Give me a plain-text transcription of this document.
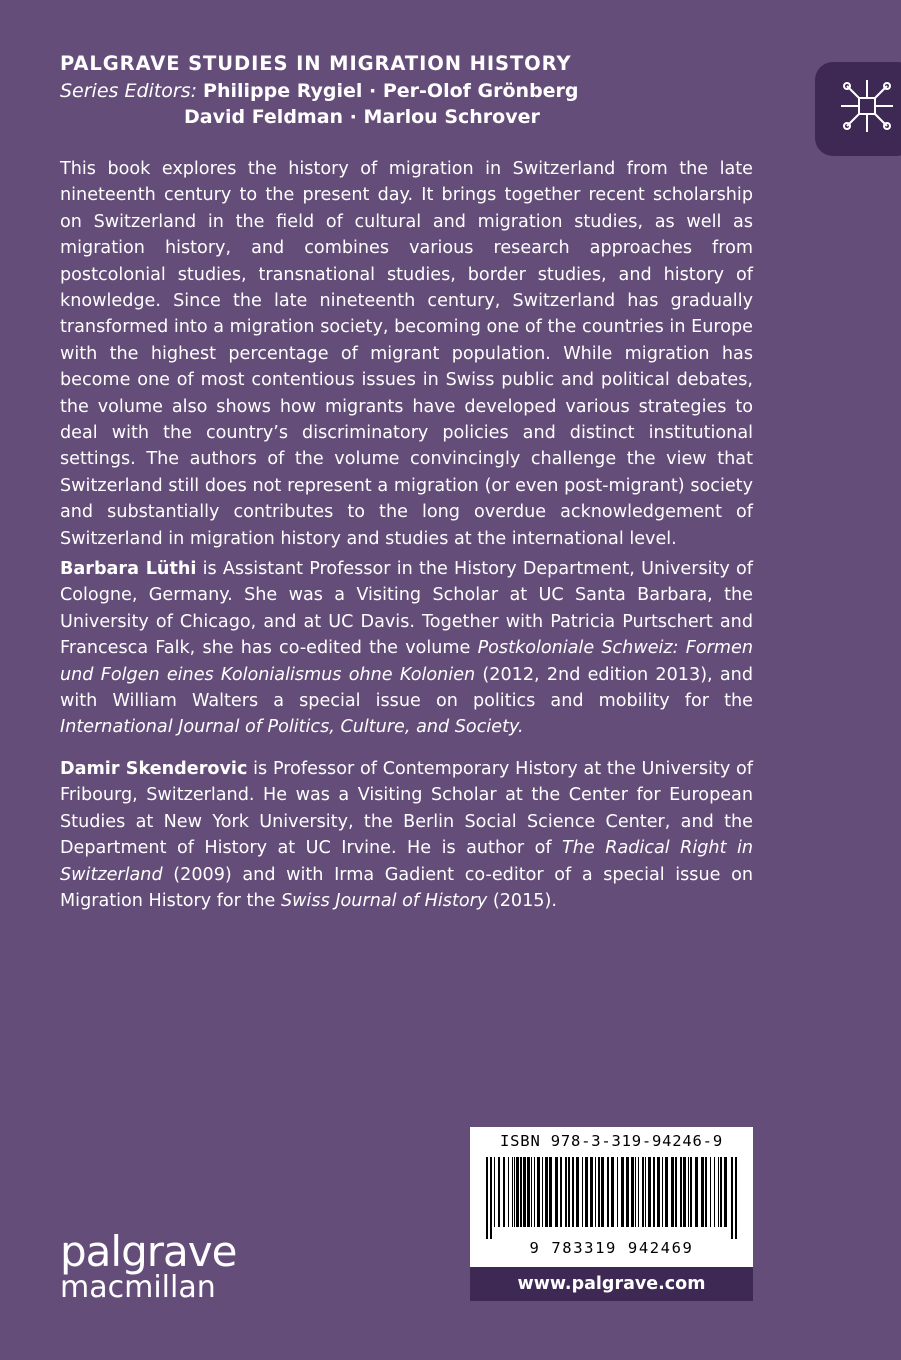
PALGRAVE STUDIES IN MIGRATION HISTORY
Series Editors: Philippe Rygiel · Per-Olof Grönberg
David Feldman · Marlou Schrover

This book explores the history of migration in Switzerland from the late nineteenth century to the present day. It brings together recent scholarship on Switzerland in the field of cultural and migration studies, as well as migration history, and combines various research approaches from postcolonial studies, transnational studies, border studies, and history of knowledge. Since the late nineteenth century, Switzerland has gradually transformed into a migration society, becoming one of the countries in Europe with the highest percentage of migrant population. While migration has become one of most contentious issues in Swiss public and political debates, the volume also shows how migrants have developed various strategies to deal with the country’s discriminatory policies and distinct institutional settings. The authors of the volume convincingly challenge the view that Switzerland still does not represent a migration (or even post-migrant) society and substantially contributes to the long overdue acknowledgement of Switzerland in migration history and studies at the international level.

Barbara Lüthi is Assistant Professor in the History Department, University of Cologne, Germany. She was a Visiting Scholar at UC Santa Barbara, the University of Chicago, and at UC Davis. Together with Patricia Purtschert and Francesca Falk, she has co-edited the volume Postkoloniale Schweiz: Formen und Folgen eines Kolonialismus ohne Kolonien (2012, 2nd edition 2013), and with William Walters a special issue on politics and mobility for the International Journal of Politics, Culture, and Society.

Damir Skenderovic is Professor of Contemporary History at the University of Fribourg, Switzerland. He was a Visiting Scholar at the Center for European Studies at New York University, the Berlin Social Science Center, and the Department of History at UC Irvine. He is author of The Radical Right in Switzerland (2009) and with Irma Gadient co-editor of a special issue on Migration History for the Swiss Journal of History (2015).

palgrave
macmillan
ISBN 978-3-319-94246-9
9 783319 942469
www.palgrave.com
